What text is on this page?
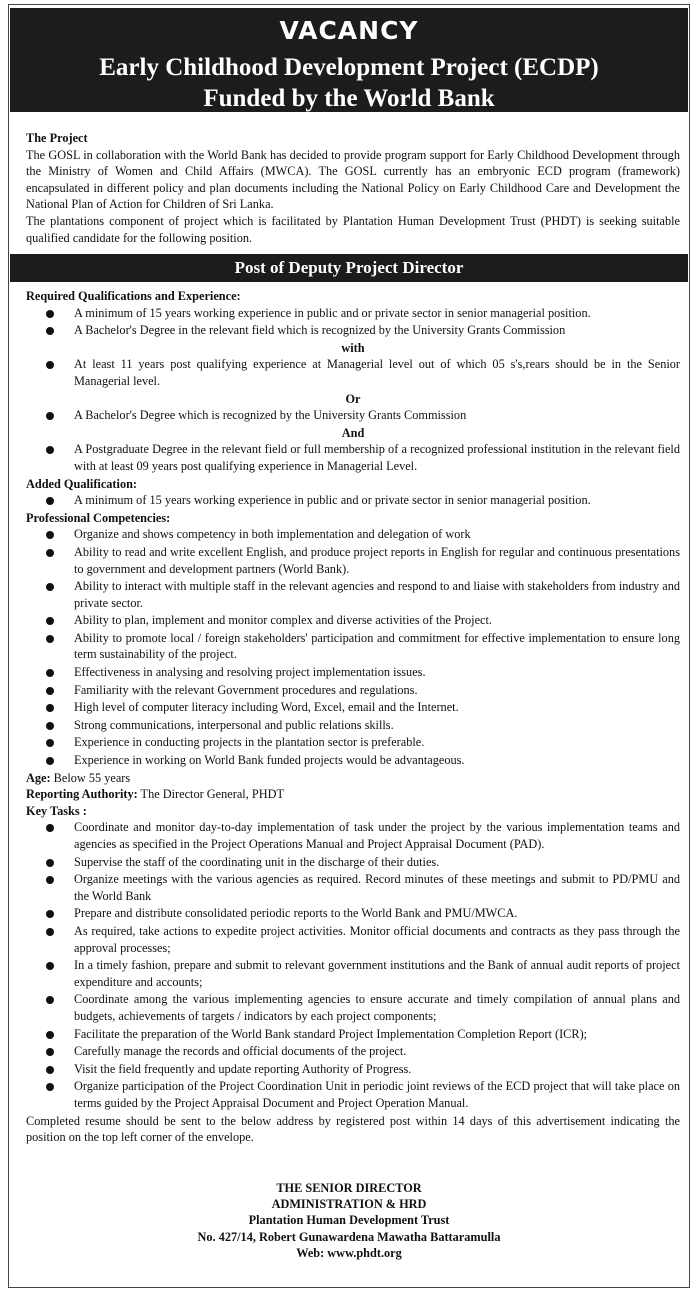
VACANCY
Early Childhood Development Project (ECDP)
Funded by the World Bank

The Project

The GOSL in collaboration with the World Bank has decided to provide program support for Early Childhood Development through the Ministry of Women and Child Affairs (MWCA). The GOSL currently has an embryonic ECD program (framework) encapsulated in different policy and plan documents including the National Policy on Early Childhood Care and Development the National Plan of Action for Children of Sri Lanka.

The plantations component of project which is facilitated by Plantation Human Development Trust (PHDT) is seeking suitable qualified candidate for the following position.

Post of Deputy Project Director

Required Qualifications and Experience:

A minimum of 15 years working experience in public and or private sector in senior managerial position.
A Bachelor's Degree in the relevant field which is recognized by the University Grants Commission
with
At least 11 years post qualifying experience at Managerial level out of which 05 s's,rears should be in the Senior Managerial level.
Or
A Bachelor's Degree which is recognized by the University Grants Commission
And
A Postgraduate Degree in the relevant field or full membership of a recognized professional institution in the relevant field with at least 09 years post qualifying experience in Managerial Level.

Added Qualification:

A minimum of 15 years working experience in public and or private sector in senior managerial position.

Professional Competencies:

Organize and shows competency in both implementation and delegation of work
Ability to read and write excellent English, and produce project reports in English for regular and continuous presentations to government and development partners (World Bank).
Ability to interact with multiple staff in the relevant agencies and respond to and liaise with stakeholders from industry and private sector.
Ability to plan, implement and monitor complex and diverse activities of the Project.
Ability to promote local / foreign stakeholders' participation and commitment for effective implementation to ensure long term sustainability of the project.
Effectiveness in analysing and resolving project implementation issues.
Familiarity with the relevant Government procedures and regulations.
High level of computer literacy including Word, Excel, email and the Internet.
Strong communications, interpersonal and public relations skills.
Experience in conducting projects in the plantation sector is preferable.
Experience in working on World Bank funded projects would be advantageous.

Age: Below 55 years

Reporting Authority: The Director General, PHDT

Key Tasks :

Coordinate and monitor day-to-day implementation of task under the project by the various implementation teams and agencies as specified in the Project Operations Manual and Project Appraisal Document (PAD).
Supervise the staff of the coordinating unit in the discharge of their duties.
Organize meetings with the various agencies as required. Record minutes of these meetings and submit to PD/PMU and the World Bank
Prepare and distribute consolidated periodic reports to the World Bank and PMU/MWCA.
As required, take actions to expedite project activities. Monitor official documents and contracts as they pass through the approval processes;
In a timely fashion, prepare and submit to relevant government institutions and the Bank of annual audit reports of project expenditure and accounts;
Coordinate among the various implementing agencies to ensure accurate and timely compilation of annual plans and budgets, achievements of targets / indicators by each project components;
Facilitate the preparation of the World Bank standard Project Implementation Completion Report (ICR);
Carefully manage the records and official documents of the project.
Visit the field frequently and update reporting Authority of Progress.
Organize participation of the Project Coordination Unit in periodic joint reviews of the ECD project that will take place on terms guided by the Project Appraisal Document and Project Operation Manual.

Completed resume should be sent to the below address by registered post within 14 days of this advertisement indicating the position on the top left corner of the envelope.

THE SENIOR DIRECTOR
ADMINISTRATION & HRD
Plantation Human Development Trust
No. 427/14, Robert Gunawardena Mawatha Battaramulla
Web: www.phdt.org
